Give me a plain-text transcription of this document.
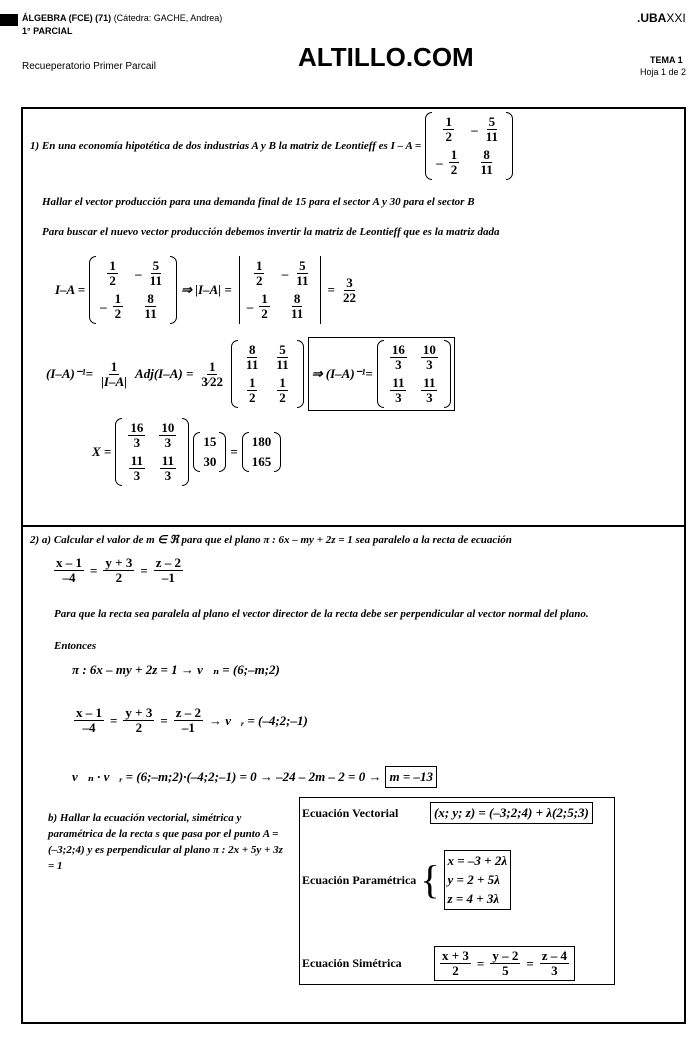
ÁLGEBRA (FCE) (71) (Cátedra: GACHE, Andrea)
1° PARCIAL
.UBAXXI
Recueperatorio Primer Parcail	ALTILLO.COM	TEMA 1
Hoja 1 de 2
1) En una economía hipotética de dos industrias A y B la matriz de Leontieff es I – A =
$\frac{1}{2} - \frac{5}{11}$
– $\frac{1}{2} \frac{8}{11}$
Hallar el vector producción para una demanda final de 15 para el sector A y 30 para el sector B
Para buscar el nuevo vector producción debemos invertir la matriz de Leontieff que es la matriz dada
I–A =
$\frac{1}{2} - \frac{5}{11}$
– $\frac{1}{2} \frac{8}{11}$
⇒ |I–A| =
$\frac{1}{2} - \frac{5}{11}$
– $\frac{1}{2} \frac{8}{11}$
= $\frac{3}{22}$
$(I-A)^{-1}= \frac{1}{|I-A|} Adj(I-A) = \frac{1}{3⁄22}$
$\frac{8}{11} \frac{5}{11}$
$\frac{1}{2} \frac{1}{2}$
⇒ (I–A)⁻¹=
$\frac{16}{3} \frac{10}{3}$
$\frac{11}{3} \frac{11}{3}$
X =
$\frac{16}{3} \frac{10}{3}$
$\frac{11}{3} \frac{11}{3}$
15
30
=
180
165
2) a) Calcular el valor de m ∈ ℜ para que el plano π : 6x – my + 2z = 1 sea paralelo a la recta de ecuación
$\frac{x - 1}{-4} = \frac{y + 3}{2} = \frac{z - 2}{-1}$
Para que la recta sea paralela al plano el vector director de la recta debe ser perpendicular al vector normal del plano.
Entonces
π : 6x – my + 2z = 1 → v⃗ₙ = (6;–m;2)
$\frac{x - 1}{-4} = \frac{y + 3}{2} = \frac{z - 2}{-1}$ → v⃗ᵣ = (–4;2;–1)
v⃗ₙ · v⃗ᵣ = (6;–m;2)·(–4;2;–1) = 0 → –24 – 2m – 2 = 0 → m = –13
b) Hallar la ecuación vectorial, simétrica y paramétrica de la recta s que pasa por el punto A = (–3;2;4) y es perpendicular al plano π : 2x + 5y + 3z = 1
Ecuación Vectorial	(x; y; z) = (–3;2;4) + λ(2;5;3)
Ecuación Paramétrica { x = –3 + 2λ
y = 2 + 5λ
z = 4 + 3λ
Ecuación Simétrica	$\frac{x + 3}{2} = \frac{y - 2}{5} = \frac{z - 4}{3}$
